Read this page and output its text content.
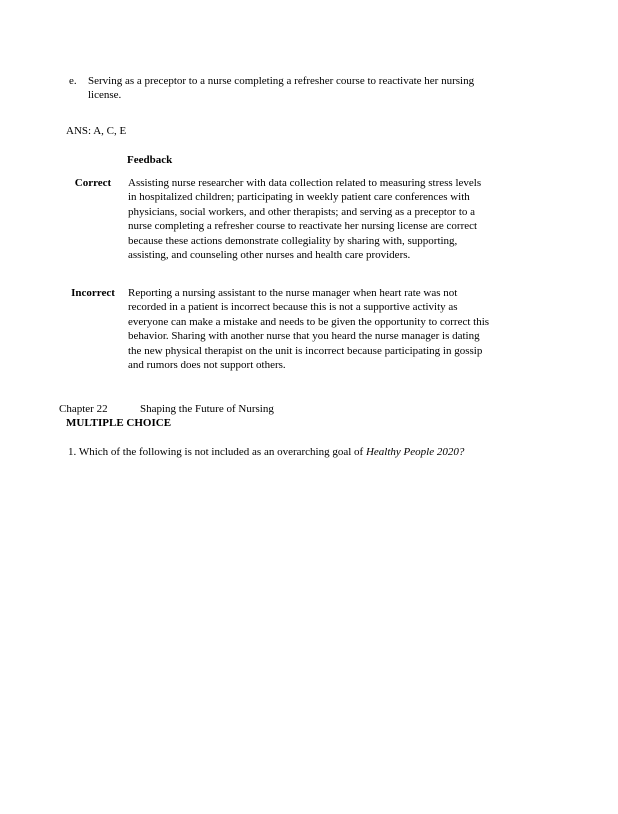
e.	Serving as a preceptor to a nurse completing a refresher course to reactivate her nursing license.
ANS: A, C, E
Feedback
Correct	Assisting nurse researcher with data collection related to measuring stress levels in hospitalized children; participating in weekly patient care conferences with physicians, social workers, and other therapists; and serving as a preceptor to a nurse completing a refresher course to reactivate her nursing license are correct because these actions demonstrate collegiality by sharing with, supporting, assisting, and counseling other nurses and health care providers.
Incorrect	Reporting a nursing assistant to the nurse manager when heart rate was not recorded in a patient is incorrect because this is not a supportive activity as everyone can make a mistake and needs to be given the opportunity to correct this behavior. Sharing with another nurse that you heard the nurse manager is dating the new physical therapist on the unit is incorrect because participating in gossip and rumors does not support others.
Chapter 22	Shaping the Future of Nursing
MULTIPLE CHOICE
1. Which of the following is not included as an overarching goal of Healthy People 2020?
